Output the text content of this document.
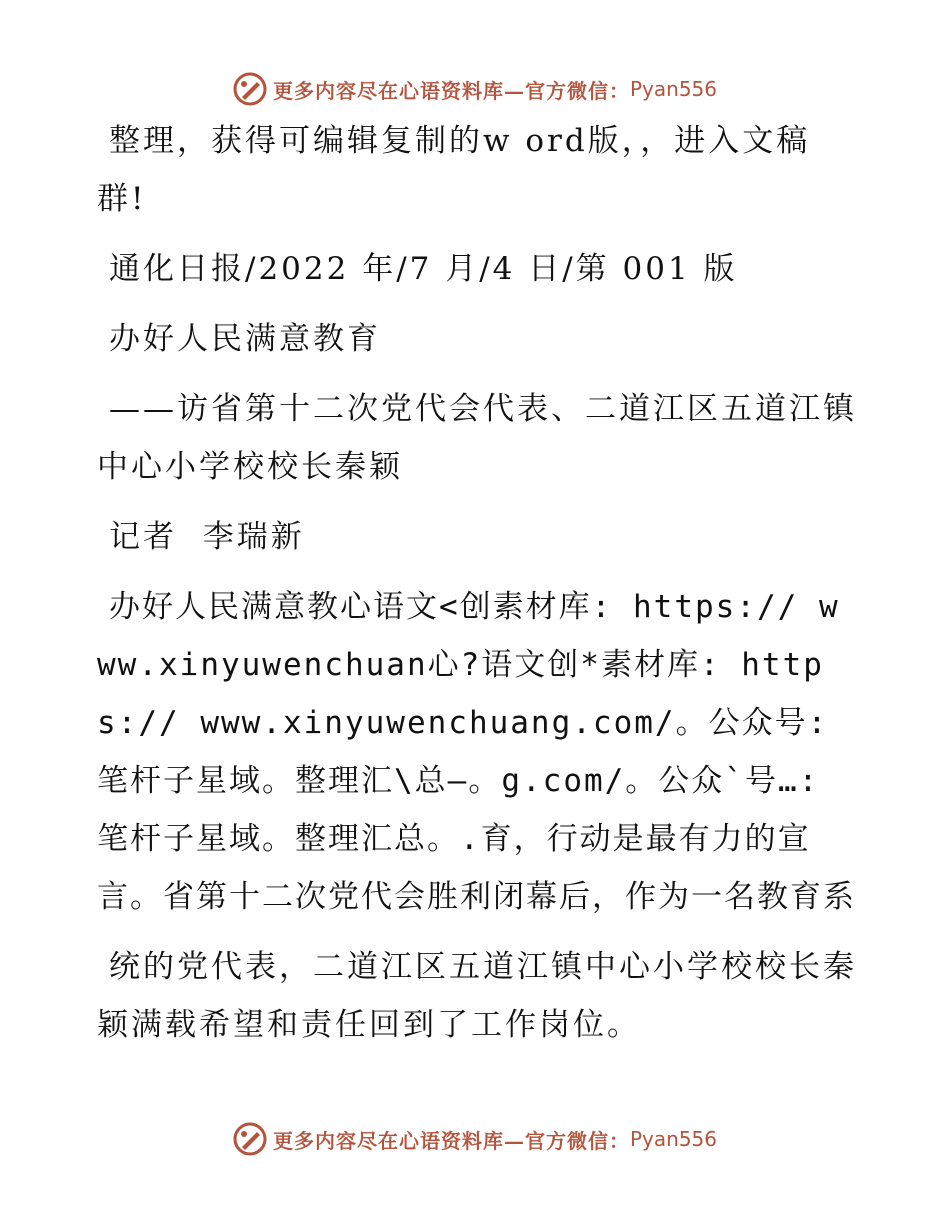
更多内容尽在心语资料库—官方微信： Pyan556

整理，获得可编辑复制的w ord版，，进入文稿群!

通化日报/2022 年/7 月/4 日/第 001 版

办好人民满意教育

——访省第十二次党代会代表、二道江区五道江镇中心小学校校长秦颖

记者  李瑞新

办好人民满意教心语文<创素材库: https:// www.xinyuwenchuan心?语文创*素材库: https:// www.xinyuwenchuang.com/。公众号: 笔杆子星域。整理汇\总—。g.com/。公众`号…: 笔杆子星域。整理汇总。.育，行动是最有力的宣言。省第十二次党代会胜利闭幕后，作为一名教育系

统的党代表，二道江区五道江镇中心小学校校长秦颖满载希望和责任回到了工作岗位。

更多内容尽在心语资料库—官方微信： Pyan556
